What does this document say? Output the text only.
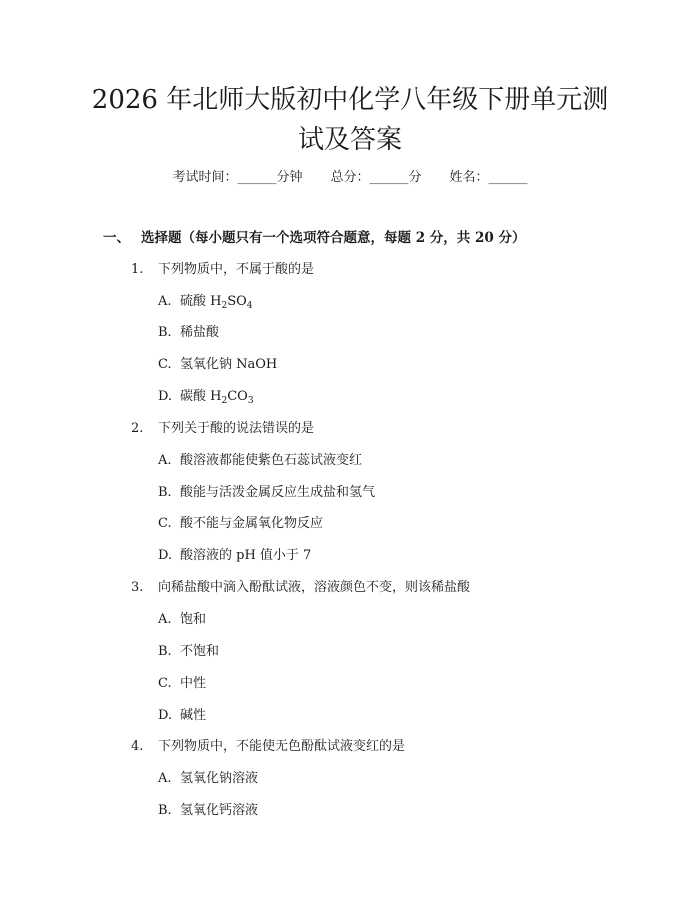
2026 年北师大版初中化学八年级下册单元测
试及答案
考试时间：______分钟 总分：______分 姓名：______
一、 选择题（每小题只有一个选项符合题意，每题 2 分，共 20 分）
1. 下列物质中，不属于酸的是
A. 硫酸 $H_2SO_4$
B. 稀盐酸
C. 氢氧化钠 NaOH
D. 碳酸 $H_2CO_3$
2. 下列关于酸的说法错误的是
A. 酸溶液都能使紫色石蕊试液变红
B. 酸能与活泼金属反应生成盐和氢气
C. 酸不能与金属氧化物反应
D. 酸溶液的 pH 值小于 7
3. 向稀盐酸中滴入酚酞试液，溶液颜色不变，则该稀盐酸
A. 饱和
B. 不饱和
C. 中性
D. 碱性
4. 下列物质中，不能使无色酚酞试液变红的是
A. 氢氧化钠溶液
B. 氢氧化钙溶液
